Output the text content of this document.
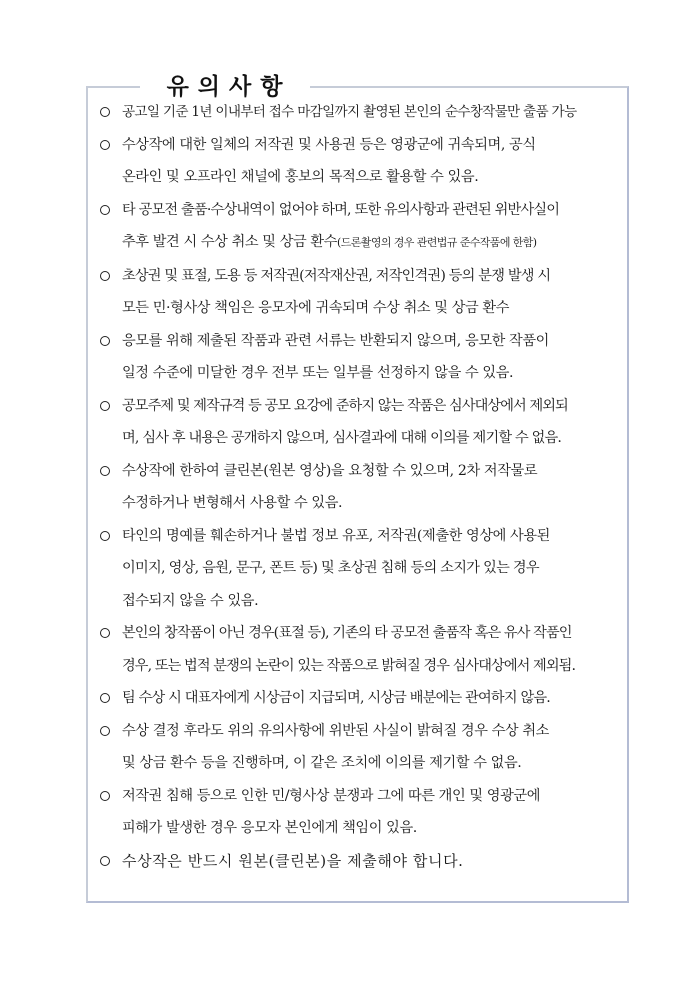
유의사항
공고일 기준 1년 이내부터 접수 마감일까지 촬영된 본인의 순수창작물만 출품 가능
수상작에 대한 일체의 저작권 및 사용권 등은 영광군에 귀속되며, 공식
온라인 및 오프라인 채널에 홍보의 목적으로 활용할 수 있음.
타 공모전 출품·수상내역이 없어야 하며, 또한 유의사항과 관련된 위반사실이
추후 발견 시 수상 취소 및 상금 환수(드론촬영의 경우 관련법규 준수작품에 한함)
초상권 및 표절, 도용 등 저작권(저작재산권, 저작인격권) 등의 분쟁 발생 시
모든 민·형사상 책임은 응모자에 귀속되며 수상 취소 및 상금 환수
응모를 위해 제출된 작품과 관련 서류는 반환되지 않으며, 응모한 작품이
일정 수준에 미달한 경우 전부 또는 일부를 선정하지 않을 수 있음.
공모주제 및 제작규격 등 공모 요강에 준하지 않는 작품은 심사대상에서 제외되
며, 심사 후 내용은 공개하지 않으며, 심사결과에 대해 이의를 제기할 수 없음.
수상작에 한하여 클린본(원본 영상)을 요청할 수 있으며, 2차 저작물로
수정하거나 변형해서 사용할 수 있음.
타인의 명예를 훼손하거나 불법 정보 유포, 저작권(제출한 영상에 사용된
이미지, 영상, 음원, 문구, 폰트 등) 및 초상권 침해 등의 소지가 있는 경우
접수되지 않을 수 있음.
본인의 창작품이 아닌 경우(표절 등), 기존의 타 공모전 출품작 혹은 유사 작품인
경우, 또는 법적 분쟁의 논란이 있는 작품으로 밝혀질 경우 심사대상에서 제외됨.
팀 수상 시 대표자에게 시상금이 지급되며, 시상금 배분에는 관여하지 않음.
수상 결정 후라도 위의 유의사항에 위반된 사실이 밝혀질 경우 수상 취소
및 상금 환수 등을 진행하며, 이 같은 조치에 이의를 제기할 수 없음.
저작권 침해 등으로 인한 민/형사상 분쟁과 그에 따른 개인 및 영광군에
피해가 발생한 경우 응모자 본인에게 책임이 있음.
수상작은 반드시 원본(클린본)을 제출해야 합니다.
